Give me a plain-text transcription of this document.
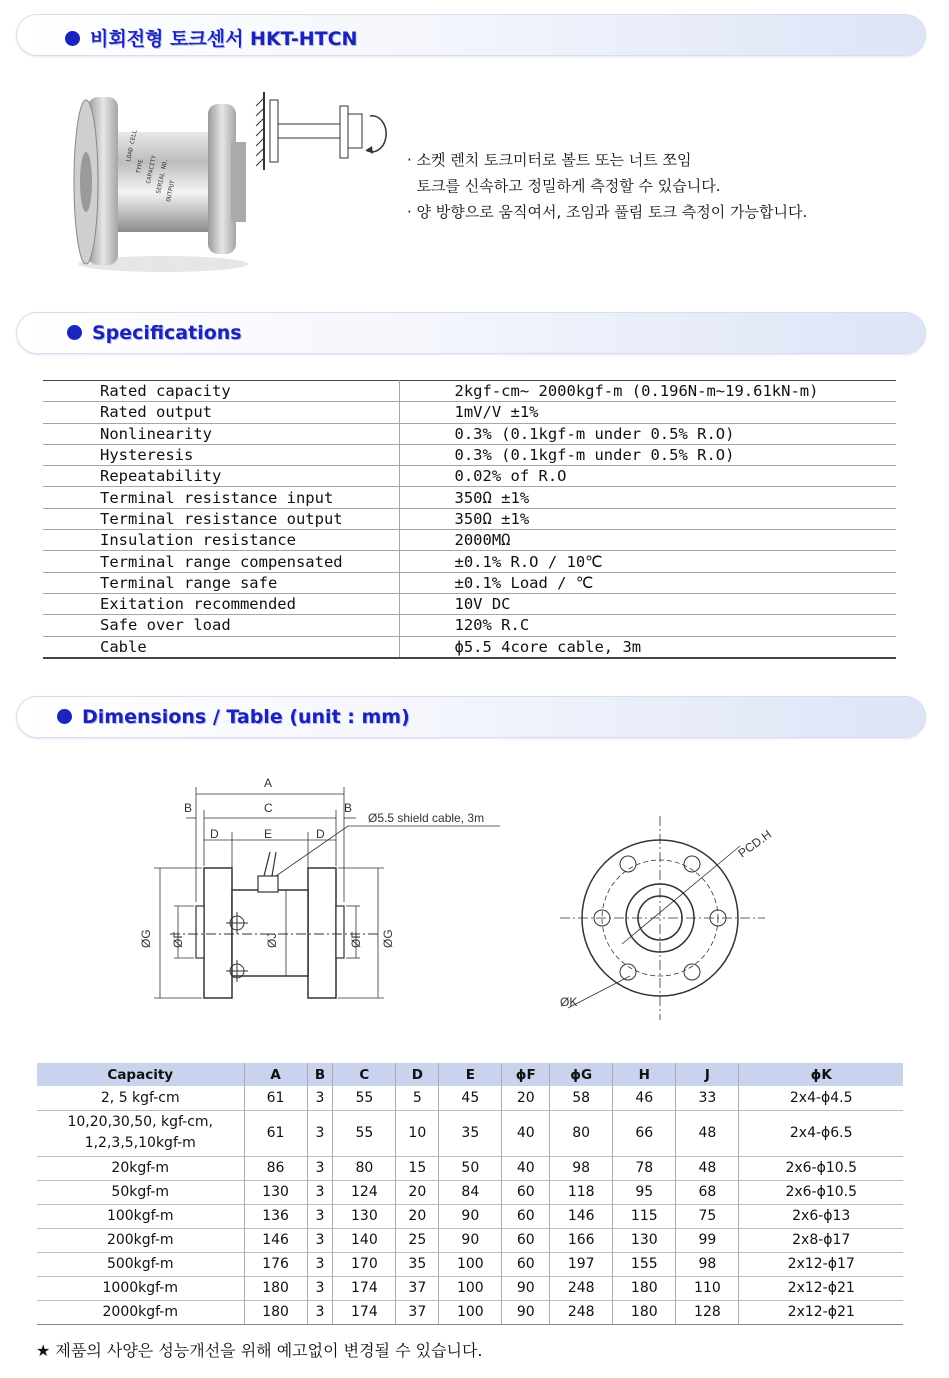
비회전형 토크센서 HKT-HTCN
LOAD CELL
TYPE CAPACITY
SERIAL NO.
OUTPUT
· 소켓 렌치 토크미터로 볼트 또는 너트 쪼임
토크를 신속하고 정밀하게 측정할 수 있습니다.
· 양 방향으로 움직여서, 조임과 풀림 토크 측정이 가능합니다.
Specifications
Rated capacity	2kgf-cm~ 2000kgf-m (0.196N-m~19.61kN-m)
Rated output	1mV/V ±1%
Nonlinearity	0.3% (0.1kgf-m under 0.5% R.O)
Hysteresis	0.3% (0.1kgf-m under 0.5% R.O)
Repeatability	0.02% of R.O
Terminal resistance input	350Ω ±1%
Terminal resistance output	350Ω ±1%
Insulation resistance	2000MΩ
Terminal range compensated	±0.1% R.O / 10℃
Terminal range safe	±0.1% Load / ℃
Exitation recommended	10V DC
Safe over load	120% R.C
Cable	ϕ5.5 4core cable, 3m
Dimensions / Table (unit : mm)
A
B	B
C
D	D
E
Ø5.5 shield cable, 3m
ØG ØF	ØJ	ØF ØG
PCD.H
ØK
Capacity	A	B	C	D	E	ϕF	ϕG	H	J	ϕK
2, 5 kgf-cm	61	3	55	5	45	20	58	46	33	2x4-ϕ4.5
10,20,30,50, kgf-cm,
1,2,3,5,10kgf-m	61	3	55	10	35	40	80	66	48	2x4-ϕ6.5
20kgf-m	86	3	80	15	50	40	98	78	48	2x6-ϕ10.5
50kgf-m	130	3	124	20	84	60	118	95	68	2x6-ϕ10.5
100kgf-m	136	3	130	20	90	60	146	115	75	2x6-ϕ13
200kgf-m	146	3	140	25	90	60	166	130	99	2x8-ϕ17
500kgf-m	176	3	170	35	100	60	197	155	98	2x12-ϕ17
1000kgf-m	180	3	174	37	100	90	248	180	110	2x12-ϕ21
2000kgf-m	180	3	174	37	100	90	248	180	128	2x12-ϕ21
★ 제품의 사양은 성능개선을 위해 예고없이 변경될 수 있습니다.
